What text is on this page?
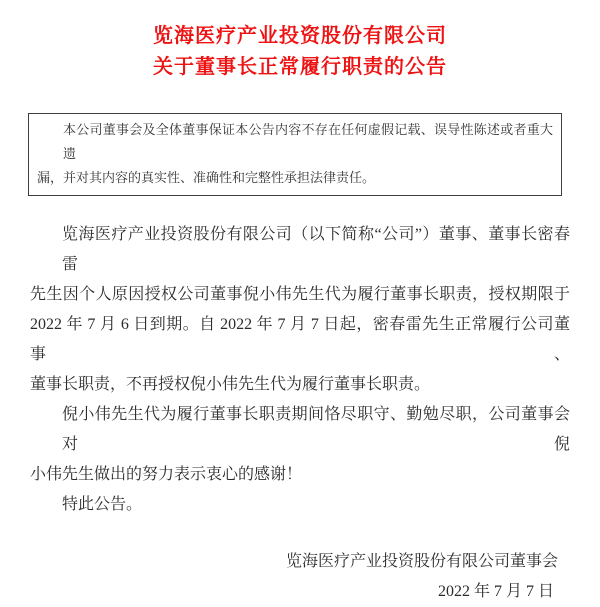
览海医疗产业投资股份有限公司
关于董事长正常履行职责的公告
本公司董事会及全体董事保证本公告内容不存在任何虚假记载、误导性陈述或者重大遗
漏，并对其内容的真实性、准确性和完整性承担法律责任。
览海医疗产业投资股份有限公司（以下简称“公司”）董事、董事长密春雷
先生因个人原因授权公司董事倪小伟先生代为履行董事长职责，授权期限于
2022 年 7 月 6 日到期。自 2022 年 7 月 7 日起，密春雷先生正常履行公司董事、
董事长职责，不再授权倪小伟先生代为履行董事长职责。
倪小伟先生代为履行董事长职责期间恪尽职守、勤勉尽职，公司董事会对倪
小伟先生做出的努力表示衷心的感谢！
特此公告。
览海医疗产业投资股份有限公司董事会
2022 年 7 月 7 日
